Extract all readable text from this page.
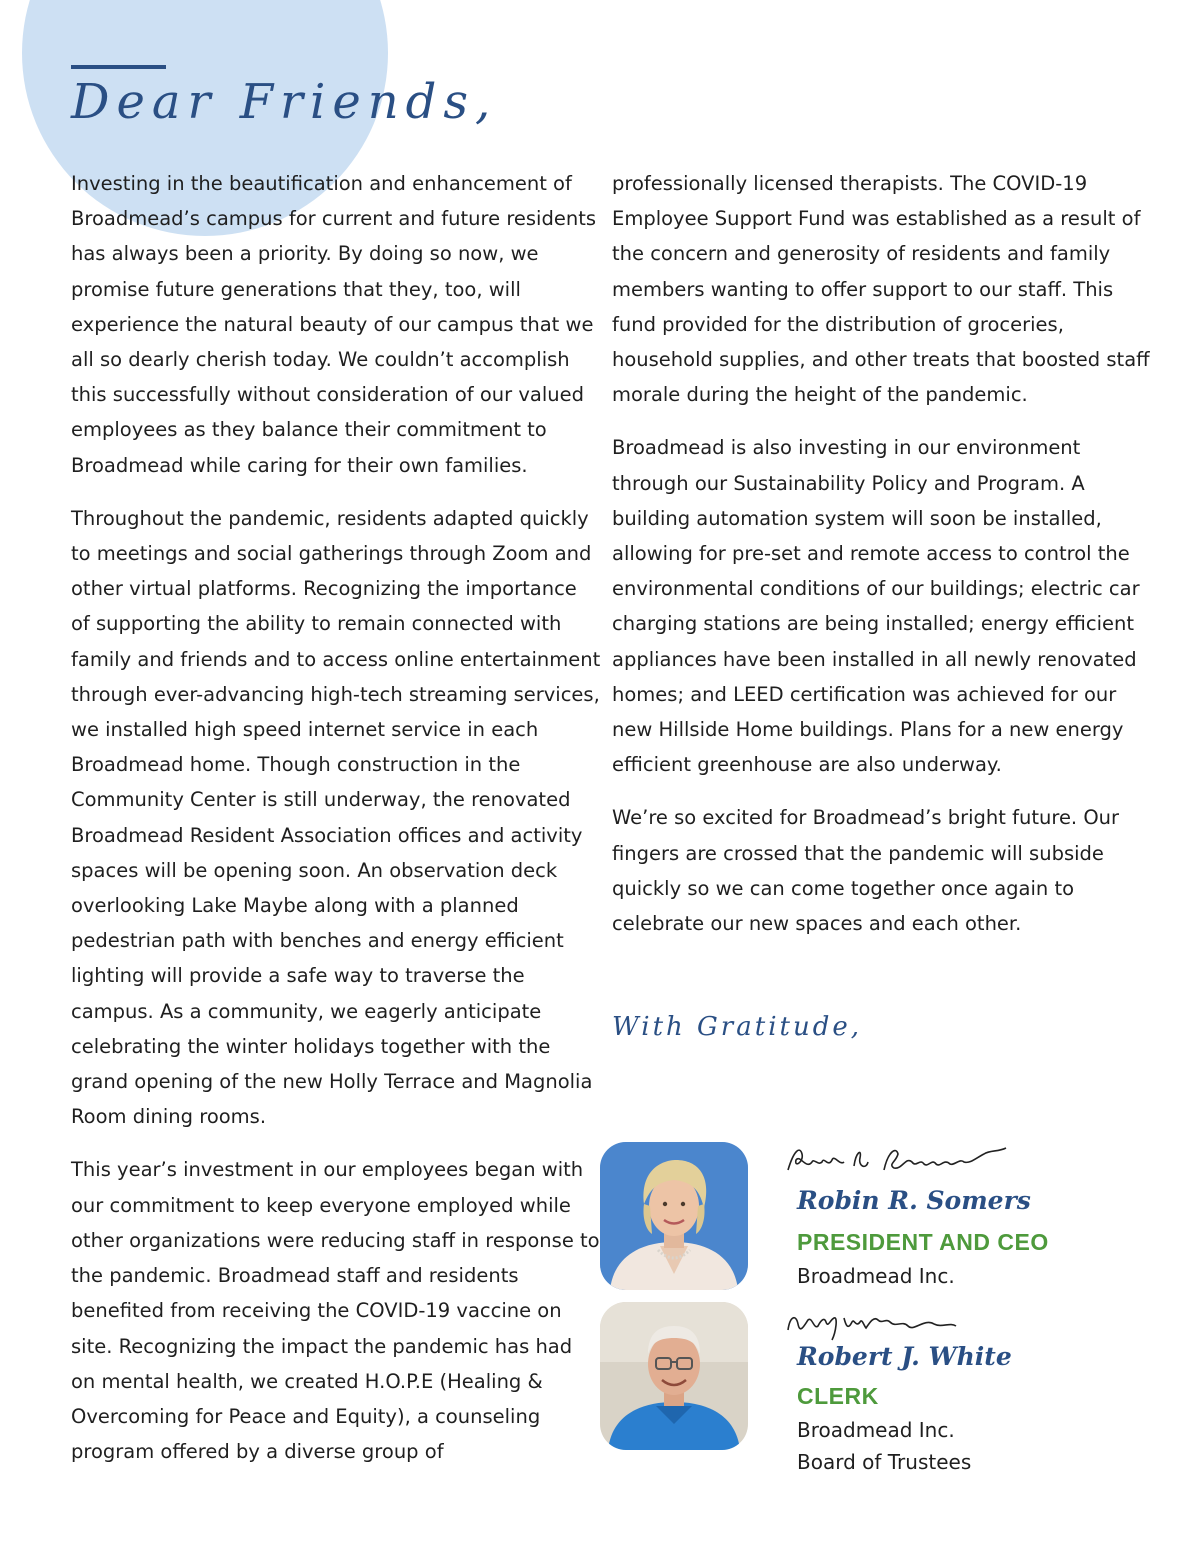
Dear Friends,

Investing in the beautification and enhancement of Broadmead’s campus for current and future residents has always been a priority. By doing so now, we promise future generations that they, too, will experience the natural beauty of our campus that we all so dearly cherish today. We couldn’t accomplish this successfully without consideration of our valued employees as they balance their commitment to Broadmead while caring for their own families.

Throughout the pandemic, residents adapted quickly to meetings and social gatherings through Zoom and other virtual platforms. Recognizing the importance of supporting the ability to remain connected with family and friends and to access online entertainment through ever-advancing high-tech streaming services, we installed high speed internet service in each Broadmead home. Though construction in the Community Center is still underway, the renovated Broadmead Resident Association offices and activity spaces will be opening soon. An observation deck overlooking Lake Maybe along with a planned pedestrian path with benches and energy efficient lighting will provide a safe way to traverse the campus. As a community, we eagerly anticipate celebrating the winter holidays together with the grand opening of the new Holly Terrace and Magnolia Room dining rooms.

This year’s investment in our employees began with our commitment to keep everyone employed while other organizations were reducing staff in response to the pandemic. Broadmead staff and residents benefited from receiving the COVID-19 vaccine on site. Recognizing the impact the pandemic has had on mental health, we created H.O.P.E (Healing & Overcoming for Peace and Equity), a counseling program offered by a diverse group of

professionally licensed therapists. The COVID-19 Employee Support Fund was established as a result of the concern and generosity of residents and family members wanting to offer support to our staff. This fund provided for the distribution of groceries, household supplies, and other treats that boosted staff morale during the height of the pandemic.

Broadmead is also investing in our environment through our Sustainability Policy and Program. A building automation system will soon be installed, allowing for pre-set and remote access to control the environmental conditions of our buildings; electric car charging stations are being installed; energy efficient appliances have been installed in all newly renovated homes; and LEED certification was achieved for our new Hillside Home buildings. Plans for a new energy efficient greenhouse are also underway.

We’re so excited for Broadmead’s bright future. Our fingers are crossed that the pandemic will subside quickly so we can come together once again to celebrate our new spaces and each other.

With Gratitude,
Robin R. Somers
PRESIDENT AND CEO
Broadmead Inc.
Robert J. White
CLERK
Broadmead Inc.
Board of Trustees
